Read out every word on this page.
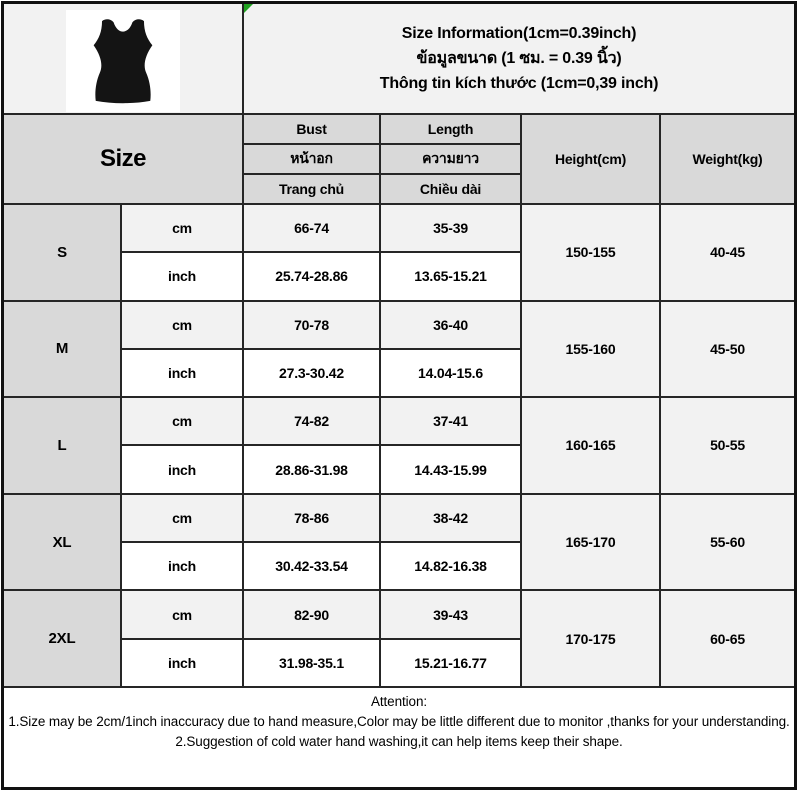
Size Information(1cm=0.39inch)
ข้อมูลขนาด (1 ซม. = 0.39 นิ้ว)
Thông tin kích thước (1cm=0,39 inch)
Size
Bust	Length
หน้าอก	ความยาว
Trang chủ	Chiều dài
Height(cm)	Weight(kg)
S
cm	66-74	35-39
inch	25.74-28.86	13.65-15.21
150-155	40-45
M
cm	70-78	36-40
inch	27.3-30.42	14.04-15.6
155-160	45-50
L
cm	74-82	37-41
inch	28.86-31.98	14.43-15.99
160-165	50-55
XL
cm	78-86	38-42
inch	30.42-33.54	14.82-16.38
165-170	55-60
2XL
cm	82-90	39-43
inch	31.98-35.1	15.21-16.77
170-175	60-65
Attention:
1.Size may be 2cm/1inch inaccuracy due to hand measure,Color may be little different due to monitor ,thanks for your understanding.
2.Suggestion of cold water hand washing,it can help items keep their shape.
